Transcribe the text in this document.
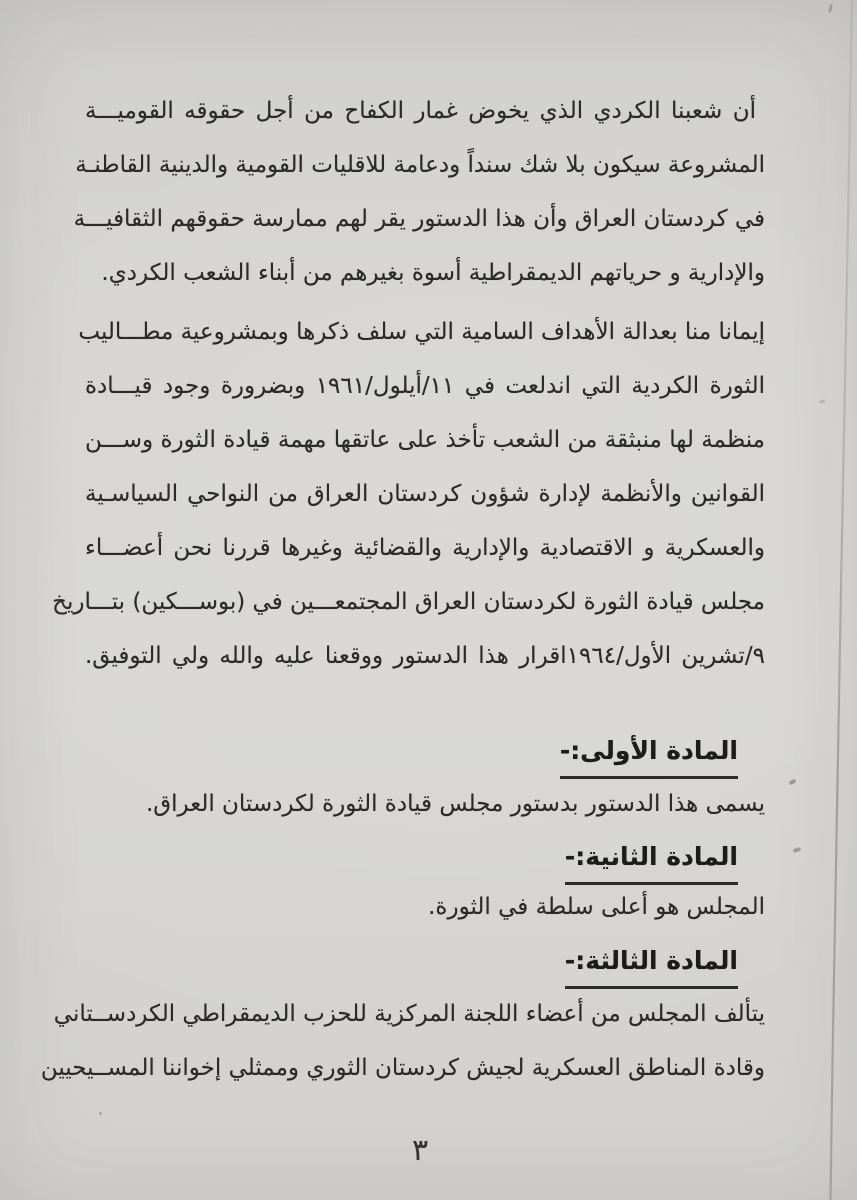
أن شعبنا الكردي الذي يخوض غمار الكفاح من أجل حقوقه القوميـــة
المشروعة سيكون بلا شك سنداً ودعامة للاقليات القومية والدينية القاطنـة
في كردستان العراق وأن هذا الدستور يقر لهم ممارسة حقوقهم الثقافيـــة
والإدارية و حرياتهم الديمقراطية أسوة بغيرهم من أبناء الشعب الكردي.
إيمانا منا بعدالة الأهداف السامية التي سلف ذكرها وبمشروعية مطـــاليب
الثورة الكردية التي اندلعت في ١١/أيلول/١٩٦١ وبضرورة وجود قيـــادة
منظمة لها منبثقة من الشعب تأخذ على عاتقها مهمة قيادة الثورة وســـن
القوانين والأنظمة لإدارة شؤون كردستان العراق من النواحي السياسـية
والعسكرية و الاقتصادية والإدارية والقضائية وغيرها قررنا نحن أعضـــاء
مجلس قيادة الثورة لكردستان العراق المجتمعـــين في (بوســـكين) بتـــاريخ
٩/تشرين الأول/١٩٦٤اقرار هذا الدستور ووقعنا عليه والله ولي التوفيق.
المادة الأولى:-
يسمى هذا الدستور بدستور مجلس قيادة الثورة لكردستان العراق.
المادة الثانية:-
المجلس هو أعلى سلطة في الثورة.
المادة الثالثة:-
يتألف المجلس من أعضاء اللجنة المركزية للحزب الديمقراطي الكردســتاني
وقادة المناطق العسكرية لجيش كردستان الثوري وممثلي إخواننا المســيحيين
٣
